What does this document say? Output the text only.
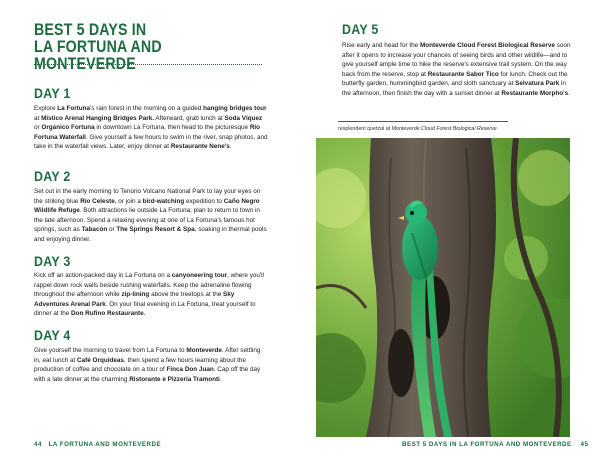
BEST 5 DAYS IN
LA FORTUNA AND MONTEVERDE
DAY 1
Explore La Fortuna's rain forest in the morning on a guided hanging bridges tour at Místico Arenal Hanging Bridges Park. Afterward, grab lunch at Soda Víquez or Orgánico Fortuna in downtown La Fortuna, then head to the picturesque Río Fortuna Waterfall. Give yourself a few hours to swim in the river, snap photos, and take in the waterfall views. Later, enjoy dinner at Restaurante Nene's.
DAY 2
Set out in the early morning to Tenorio Volcano National Park to lay your eyes on the striking blue Río Celeste, or join a bird-watching expedition to Caño Negro Wildlife Refuge. Both attractions lie outside La Fortuna; plan to return to town in the late afternoon. Spend a relaxing evening at one of La Fortuna's famous hot springs, such as Tabacón or The Springs Resort & Spa, soaking in thermal pools and enjoying dinner.
DAY 3
Kick off an action-packed day in La Fortuna on a canyoneering tour, where you'll rappel down rock walls beside rushing waterfalls. Keep the adrenaline flowing throughout the afternoon while zip-lining above the treetops at the Sky Adventures Arenal Park. On your final evening in La Fortuna, treat yourself to dinner at the Don Rufino Restaurante.
DAY 4
Give yourself the morning to travel from La Fortuna to Monteverde. After settling in, eat lunch at Café Orquídeas, then spend a few hours learning about the production of coffee and chocolate on a tour of Finca Don Juan. Cap off the day with a late dinner at the charming Ristorante e Pizzeria Tramonti.
44 LA FORTUNA AND MONTEVERDE
DAY 5
Rise early and head for the Monteverde Cloud Forest Biological Reserve soon after it opens to increase your chances of seeing birds and other wildlife—and to give yourself ample time to hike the reserve's extensive trail system. On the way back from the reserve, stop at Restaurante Sabor Tico for lunch. Check out the butterfly garden, hummingbird garden, and sloth sanctuary at Selvatura Park in the afternoon, then finish the day with a sunset dinner at Restaurante Morpho's.
resplendent quetzal at Monteverde Cloud Forest Biological Reserve
BEST 5 DAYS IN LA FORTUNA AND MONTEVERDE 45
